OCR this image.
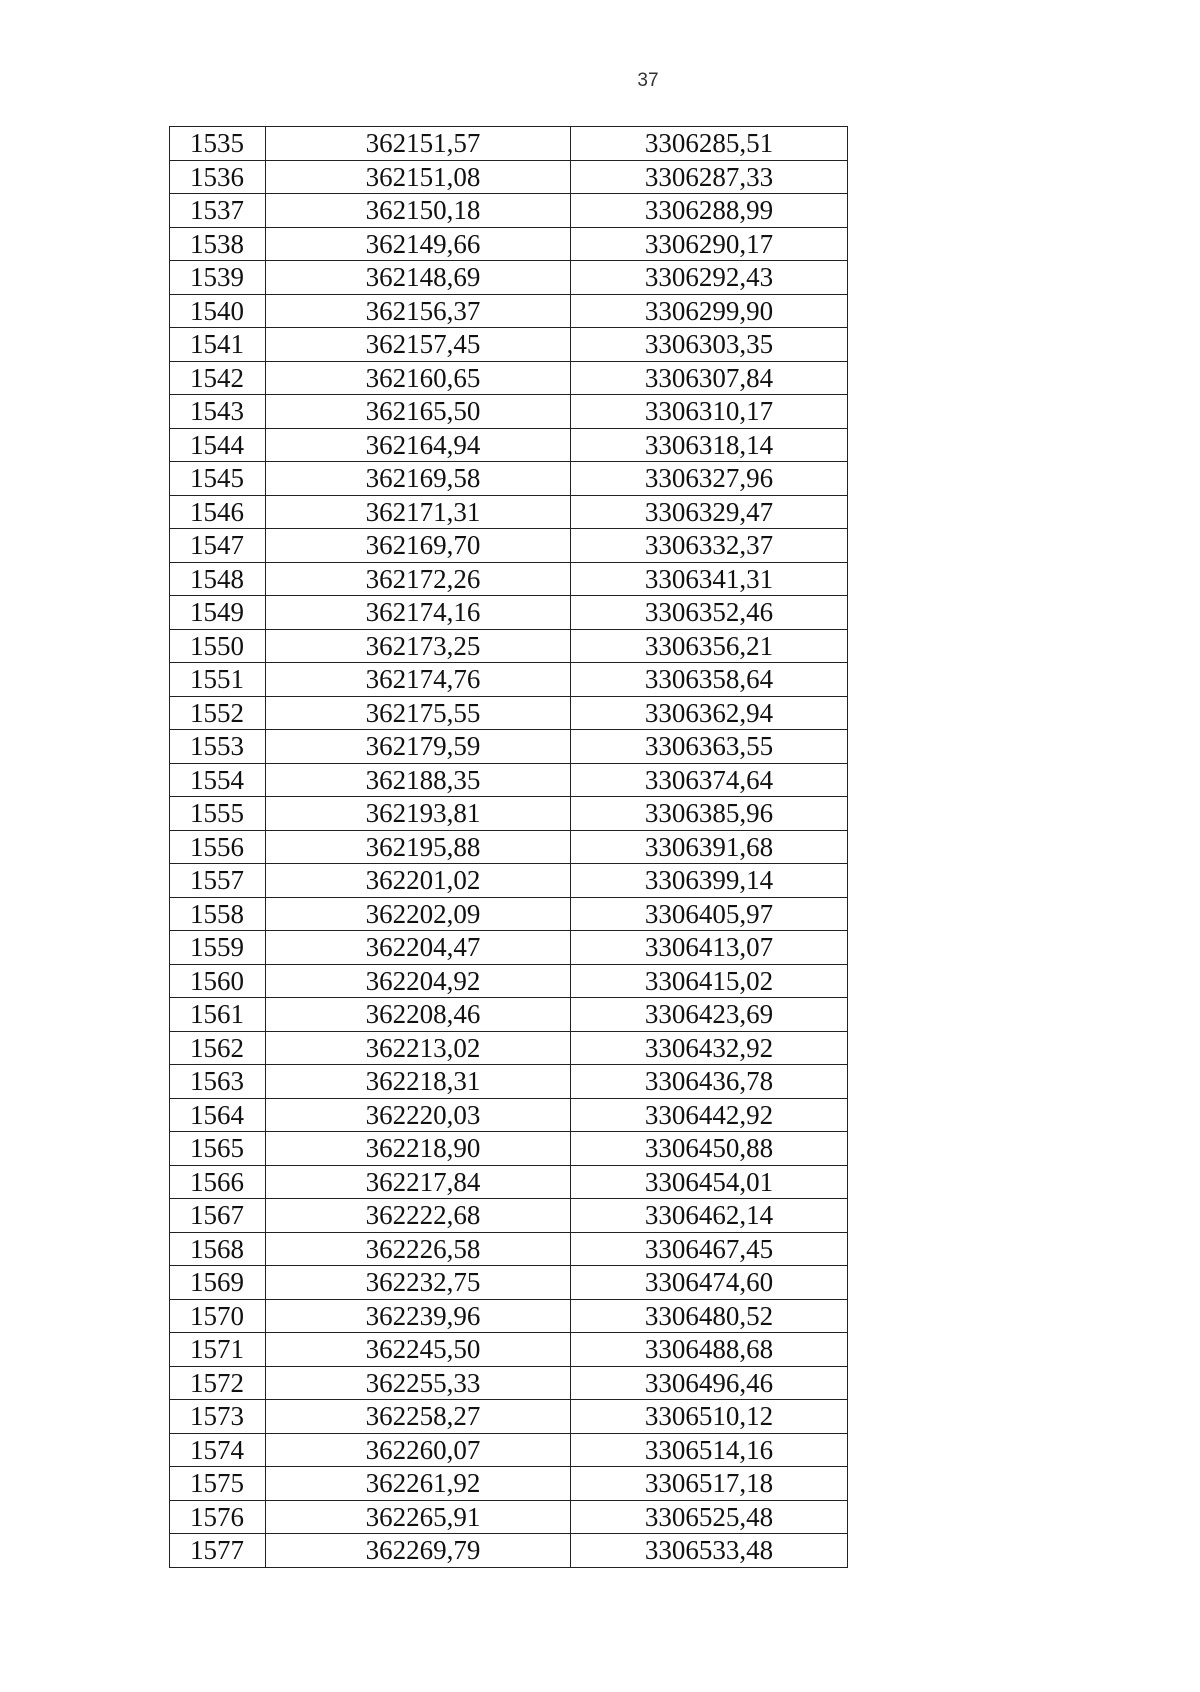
37
1535	362151,57	3306285,51
1536	362151,08	3306287,33
1537	362150,18	3306288,99
1538	362149,66	3306290,17
1539	362148,69	3306292,43
1540	362156,37	3306299,90
1541	362157,45	3306303,35
1542	362160,65	3306307,84
1543	362165,50	3306310,17
1544	362164,94	3306318,14
1545	362169,58	3306327,96
1546	362171,31	3306329,47
1547	362169,70	3306332,37
1548	362172,26	3306341,31
1549	362174,16	3306352,46
1550	362173,25	3306356,21
1551	362174,76	3306358,64
1552	362175,55	3306362,94
1553	362179,59	3306363,55
1554	362188,35	3306374,64
1555	362193,81	3306385,96
1556	362195,88	3306391,68
1557	362201,02	3306399,14
1558	362202,09	3306405,97
1559	362204,47	3306413,07
1560	362204,92	3306415,02
1561	362208,46	3306423,69
1562	362213,02	3306432,92
1563	362218,31	3306436,78
1564	362220,03	3306442,92
1565	362218,90	3306450,88
1566	362217,84	3306454,01
1567	362222,68	3306462,14
1568	362226,58	3306467,45
1569	362232,75	3306474,60
1570	362239,96	3306480,52
1571	362245,50	3306488,68
1572	362255,33	3306496,46
1573	362258,27	3306510,12
1574	362260,07	3306514,16
1575	362261,92	3306517,18
1576	362265,91	3306525,48
1577	362269,79	3306533,48
